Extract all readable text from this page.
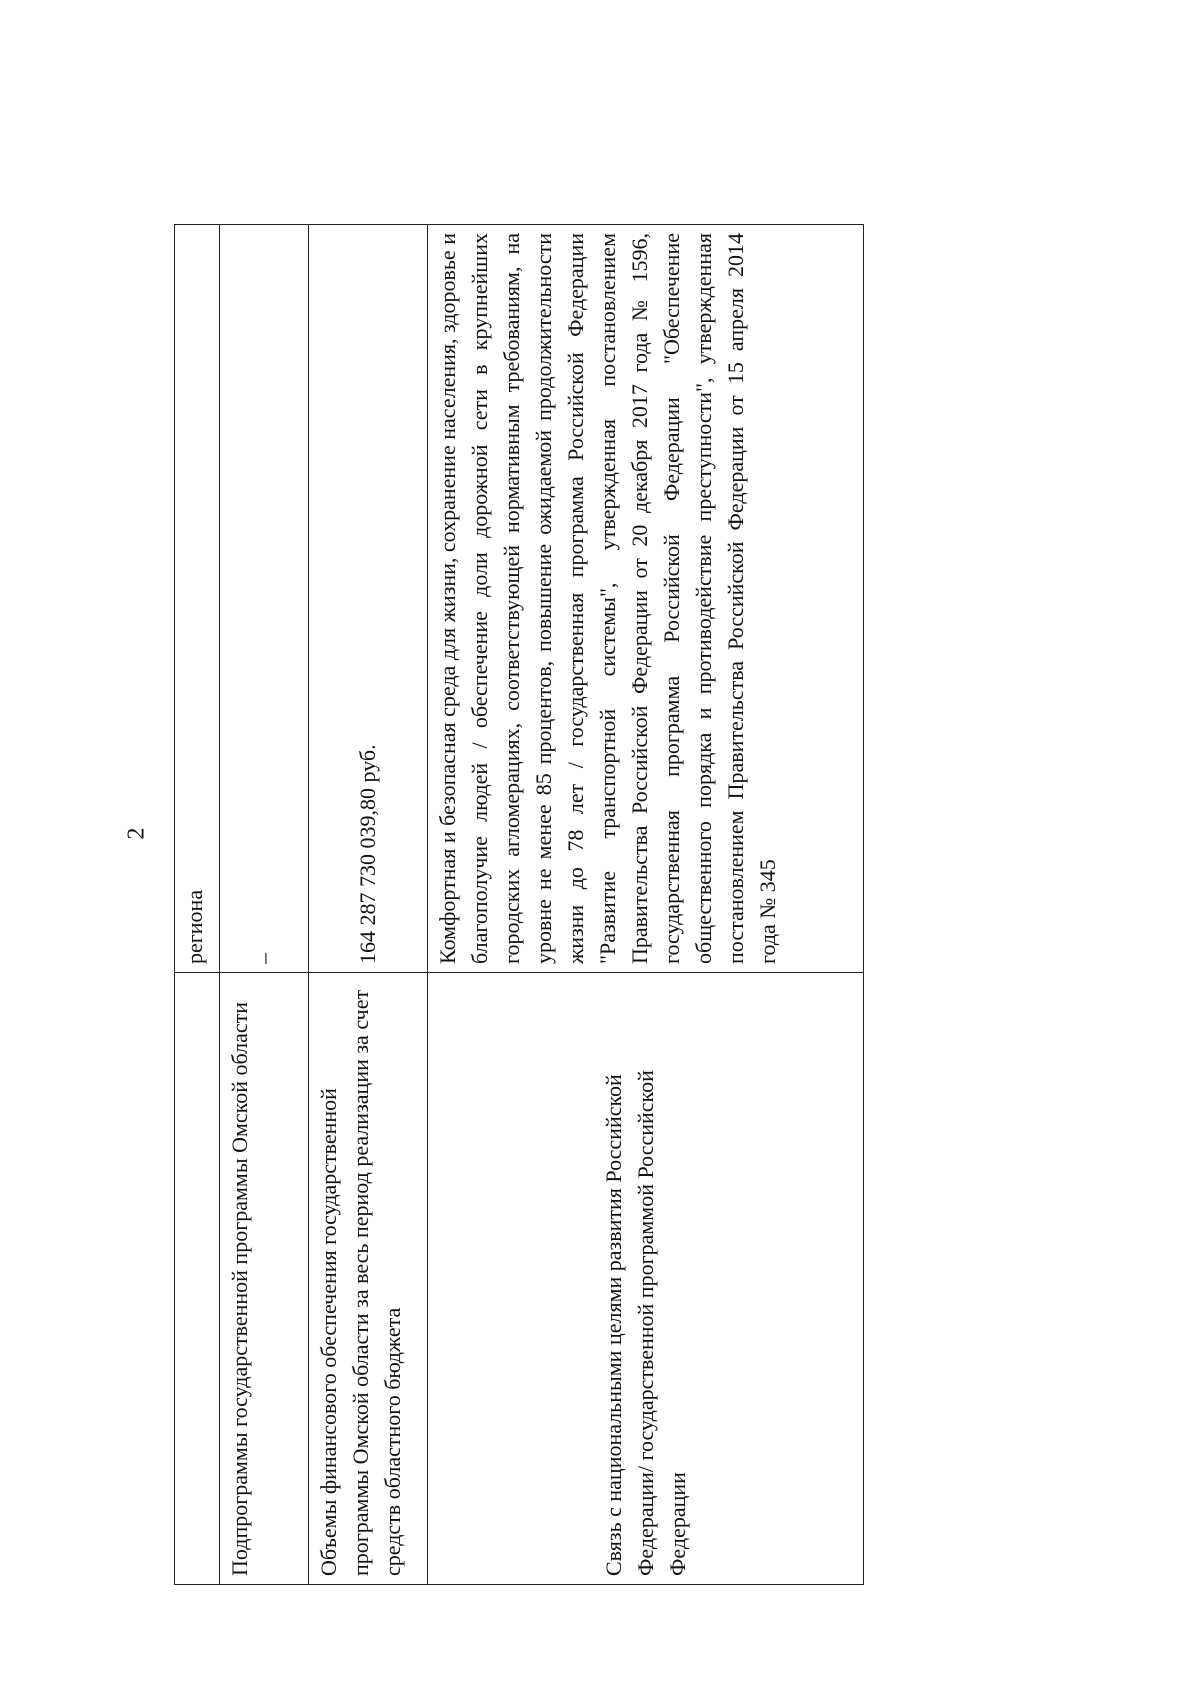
2
	региона
Подпрограммы государственной программы Омской области	–
Объемы финансового обеспечения государственной программы Омской области за весь период реализации за счет средств областного бюджета	164 287 730 039,80 руб.

Связь с национальными целями развития Российской Федерации/ государственной программой Российской Федерации	Комфортная и безопасная среда для жизни, сохранение населения, здоровье и благополучие людей / обеспечение доли дорожной сети в крупнейших городских агломерациях, соответствующей нормативным требованиям, на уровне не менее 85 процентов, повышение ожидаемой продолжительности жизни до 78 лет / государственная программа Российской Федерации "Развитие транспортной системы", утвержденная постановлением Правительства Российской Федерации от 20 декабря 2017 года № 1596, государственная программа Российской Федерации "Обеспечение общественного порядка и противодействие преступности", утвержденная постановлением Правительства Российской Федерации от 15 апреля 2014 года № 345
